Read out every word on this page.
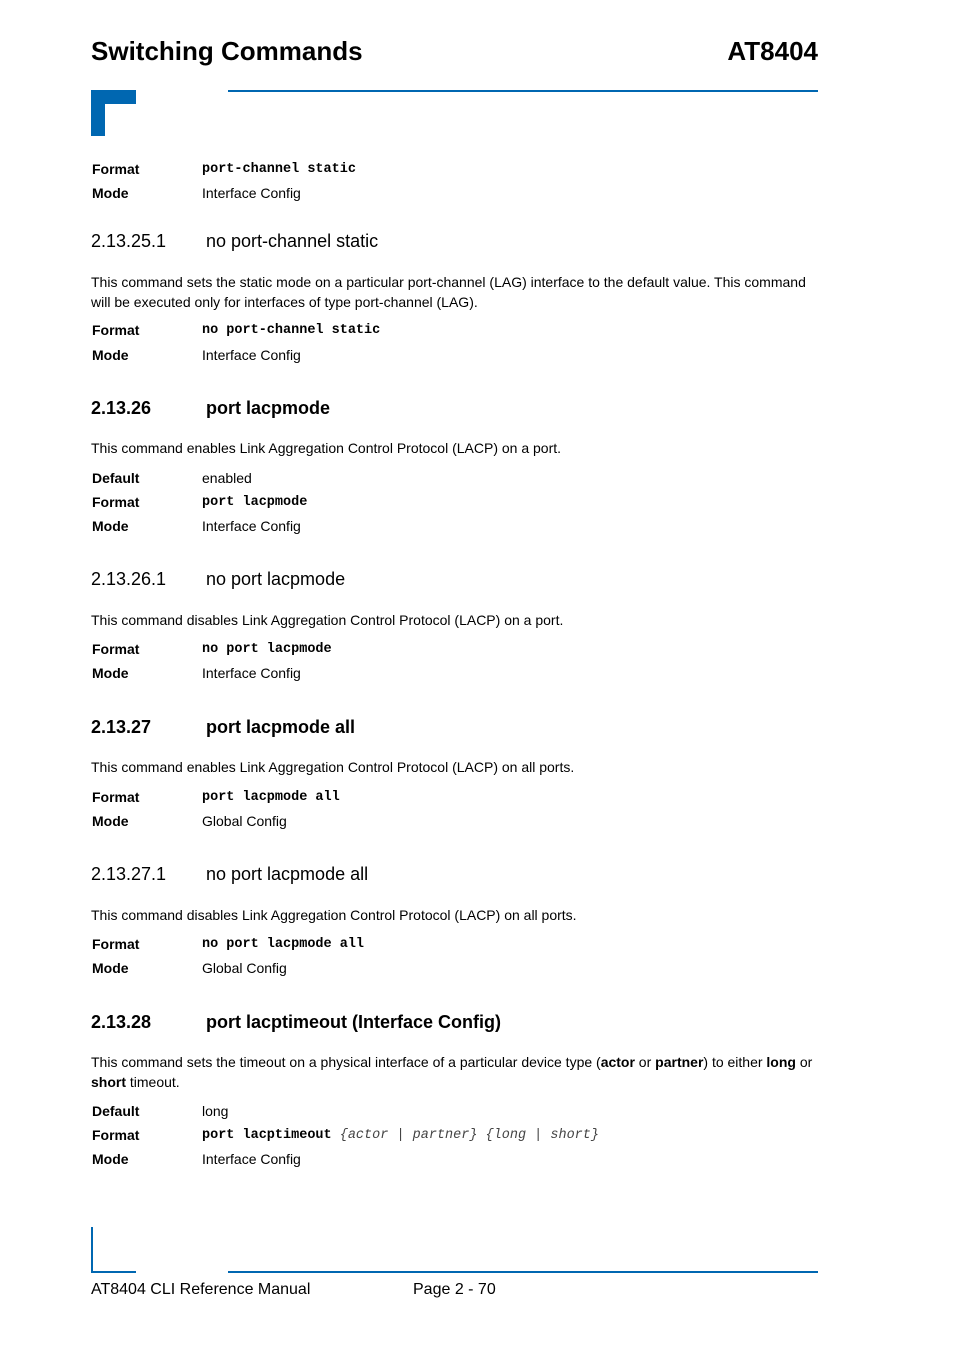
Switching Commands	AT8404
Format	port-channel static
Mode	Interface Config
2.13.25.1 no port-channel static
This command sets the static mode on a particular port-channel (LAG) interface to the default value. This command will be executed only for interfaces of type port-channel (LAG).
Format	no port-channel static
Mode	Interface Config
2.13.26	port lacpmode
This command enables Link Aggregation Control Protocol (LACP) on a port.
Default	enabled
Format	port lacpmode
Mode	Interface Config
2.13.26.1 no port lacpmode
This command disables Link Aggregation Control Protocol (LACP) on a port.
Format	no port lacpmode
Mode	Interface Config
2.13.27	port lacpmode all
This command enables Link Aggregation Control Protocol (LACP) on all ports.
Format	port lacpmode all
Mode	Global Config
2.13.27.1 no port lacpmode all
This command disables Link Aggregation Control Protocol (LACP) on all ports.
Format	no port lacpmode all
Mode	Global Config
2.13.28	port lacptimeout (Interface Config)
This command sets the timeout on a physical interface of a particular device type (actor or partner) to either long or short timeout.
Default	long
Format	port lacptimeout {actor | partner} {long | short}
Mode	Interface Config
AT8404 CLI Reference Manual	Page 2 - 70
